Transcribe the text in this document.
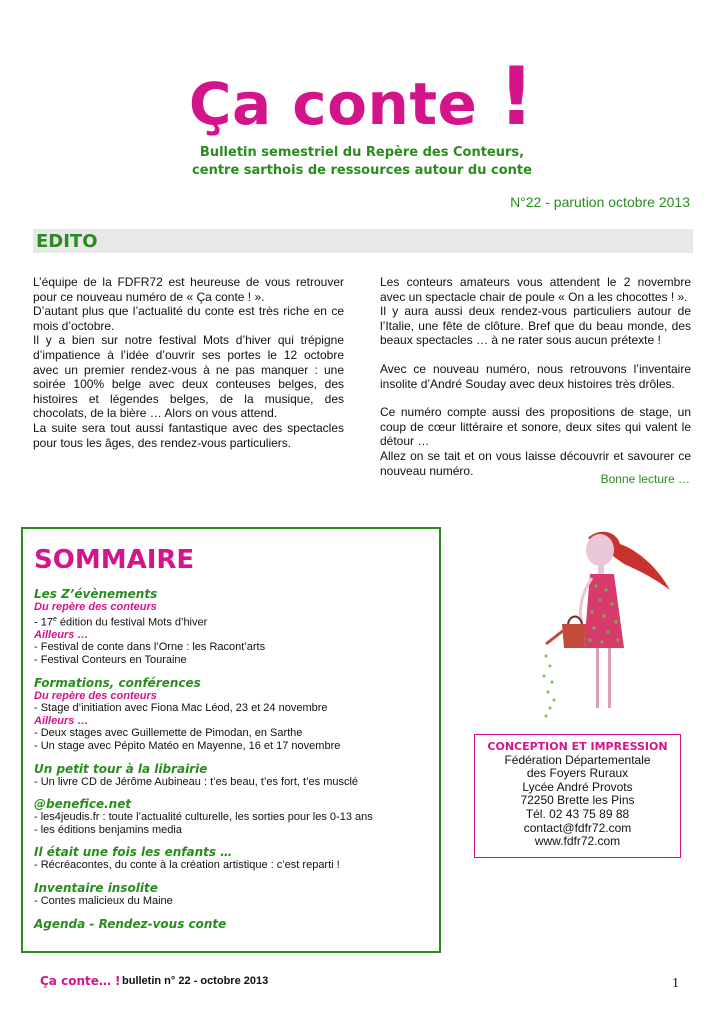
Ça conte !
Bulletin semestriel du Repère des Conteurs,
centre sarthois de ressources autour du conte
N°22 - parution octobre 2013
EDITO

L’équipe de la FDFR72 est heureuse de vous retrouver pour ce nouveau numéro de « Ça conte ! ».

D’autant plus que l’actualité du conte est très riche en ce mois d’octobre.

Il y a bien sur notre festival Mots d’hiver qui trépigne d’impatience à l’idée d’ouvrir ses portes le 12 octobre avec un premier rendez-vous à ne pas manquer : une soirée 100% belge avec deux conteuses belges, des histoires et légendes belges, de la musique, des chocolats, de la bière … Alors on vous attend.

La suite sera tout aussi fantastique avec des spectacles pour tous les âges, des rendez-vous particuliers.

Les conteurs amateurs vous attendent le 2 novembre avec un spectacle chair de poule « On a les chocottes ! ».

Il y aura aussi deux rendez-vous particuliers autour de l’Italie, une fête de clôture. Bref que du beau monde, des beaux spectacles … à ne rater sous aucun prétexte !

Avec ce nouveau numéro, nous retrouvons l’inventaire insolite d’André Souday avec deux histoires très drôles.

Ce numéro compte aussi des propositions de stage, un coup de cœur littéraire et sonore, deux sites qui valent le détour …

Allez on se tait et on vous laisse découvrir et savourer ce nouveau numéro.

Bonne lecture …
SOMMAIRE
Les Z’évènements
Du repère des conteurs
- 17e édition du festival Mots d’hiver
Ailleurs …
- Festival de conte dans l’Orne : les Racont’arts
- Festival Conteurs en Touraine
Formations, conférences
Du repère des conteurs
- Stage d’initiation avec Fiona Mac Léod, 23 et 24 novembre
Ailleurs …
- Deux stages avec Guillemette de Pimodan, en Sarthe
- Un stage avec Pépito Matéo en Mayenne, 16 et 17 novembre
Un petit tour à la librairie
- Un livre CD de Jérôme Aubineau : t’es beau, t’es fort, t’es musclé
@benefice.net
- les4jeudis.fr : toute l’actualité culturelle, les sorties pour les 0-13 ans
- les éditions benjamins media
Il était une fois les enfants …
- Récréacontes, du conte à la création artistique : c’est reparti !
Inventaire insolite
- Contes malicieux du Maine
Agenda - Rendez-vous conte
CONCEPTION ET IMPRESSION
Fédération Départementale
des Foyers Ruraux
Lycée André Provots
72250 Brette les Pins
Tél. 02 43 75 89 88
contact@fdfr72.com
www.fdfr72.com
Ça conte… ! bulletin n° 22 - octobre 2013	1
